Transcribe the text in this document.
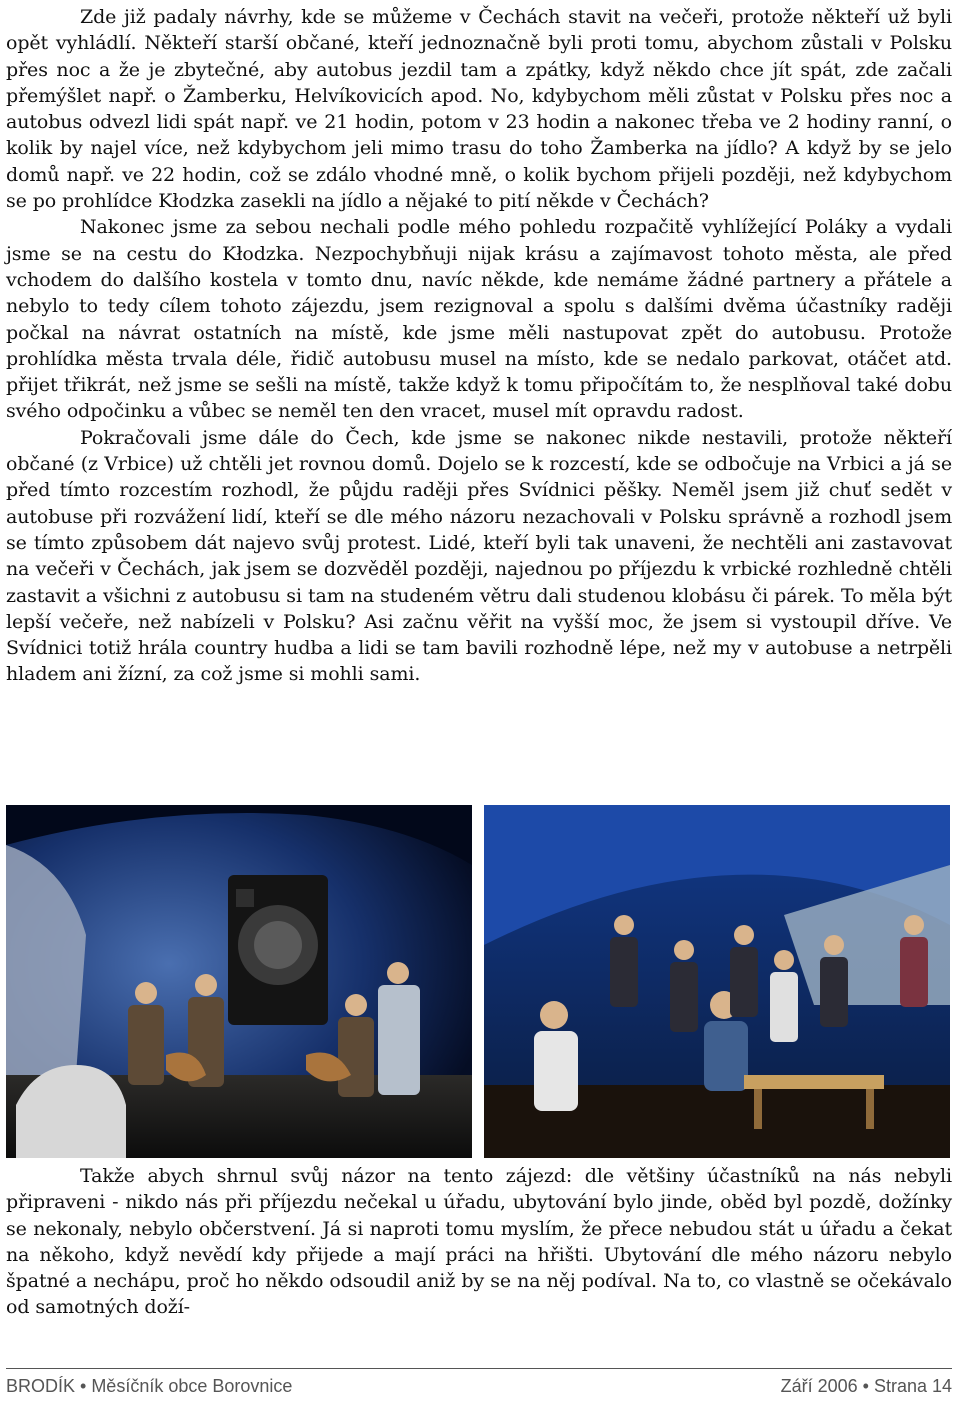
Zde již padaly návrhy, kde se můžeme v Čechách stavit na večeři, protože někteří už byli opět vyhládlí. Někteří starší občané, kteří jednoznačně byli proti tomu, abychom zůstali v Polsku přes noc a že je zbytečné, aby autobus jezdil tam a zpátky, když někdo chce jít spát, zde začali přemýšlet např. o Žamberku, Helvíkovicích apod. No, kdybychom měli zůstat v Polsku přes noc a autobus odvezl lidi spát např. ve 21 hodin, potom v 23 hodin a nakonec třeba ve 2 hodiny ranní, o kolik by najel více, než kdybychom jeli mimo trasu do toho Žamberka na jídlo? A když by se jelo domů např. ve 22 hodin, což se zdálo vhodné mně, o kolik bychom přijeli později, než kdybychom se po prohlídce Kłodzka zasekli na jídlo a nějaké to pití někde v Čechách?

Nakonec jsme za sebou nechali podle mého pohledu rozpačitě vyhlížející Poláky a vydali jsme se na cestu do Kłodzka. Nezpochybňuji nijak krásu a zajímavost tohoto města, ale před vchodem do dalšího kostela v tomto dnu, navíc někde, kde nemáme žádné partnery a přátele a nebylo to tedy cílem tohoto zájezdu, jsem rezignoval a spolu s dalšími dvěma účastníky raději počkal na návrat ostatních na místě, kde jsme měli nastupovat zpět do autobusu. Protože prohlídka města trvala déle, řidič autobusu musel na místo, kde se nedalo parkovat, otáčet atd. přijet třikrát, než jsme se sešli na místě, takže když k tomu připočítám to, že nesplňoval také dobu svého odpočinku a vůbec se neměl ten den vracet, musel mít opravdu radost.

Pokračovali jsme dále do Čech, kde jsme se nakonec nikde nestavili, protože někteří občané (z Vrbice) už chtěli jet rovnou domů. Dojelo se k rozcestí, kde se odbočuje na Vrbici a já se před tímto rozcestím rozhodl, že půjdu raději přes Svídnici pěšky. Neměl jsem již chuť sedět v autobuse při rozvážení lidí, kteří se dle mého názoru nezachovali v Polsku správně a rozhodl jsem se tímto způsobem dát najevo svůj protest. Lidé, kteří byli tak unaveni, že nechtěli ani zastavovat na večeři v Čechách, jak jsem se dozvěděl později, najednou po příjezdu k vrbické rozhledně chtěli zastavit a všichni z autobusu si tam na studeném větru dali studenou klobásu či párek. To měla být lepší večeře, než nabízeli v Polsku? Asi začnu věřit na vyšší moc, že jsem si vystoupil dříve. Ve Svídnici totiž hrála country hudba a lidi se tam bavili rozhodně lépe, než my v autobuse a netrpěli hladem ani žízní, za což jsme si mohli sami.

Takže abych shrnul svůj názor na tento zájezd: dle většiny účastníků na nás nebyli připraveni - nikdo nás při příjezdu nečekal u úřadu, ubytování bylo jinde, oběd byl pozdě, dožínky se nekonaly, nebylo občerstvení. Já si naproti tomu myslím, že přece nebudou stát u úřadu a čekat na někoho, když nevědí kdy přijede a mají práci na hřišti. Ubytování dle mého názoru nebylo špatné a nechápu, proč ho někdo odsoudil aniž by se na něj podíval. Na to, co vlastně se očekávalo od samotných doží-

BRODÍK • Měsíčník obce Borovnice	Září 2006 • Strana 14
